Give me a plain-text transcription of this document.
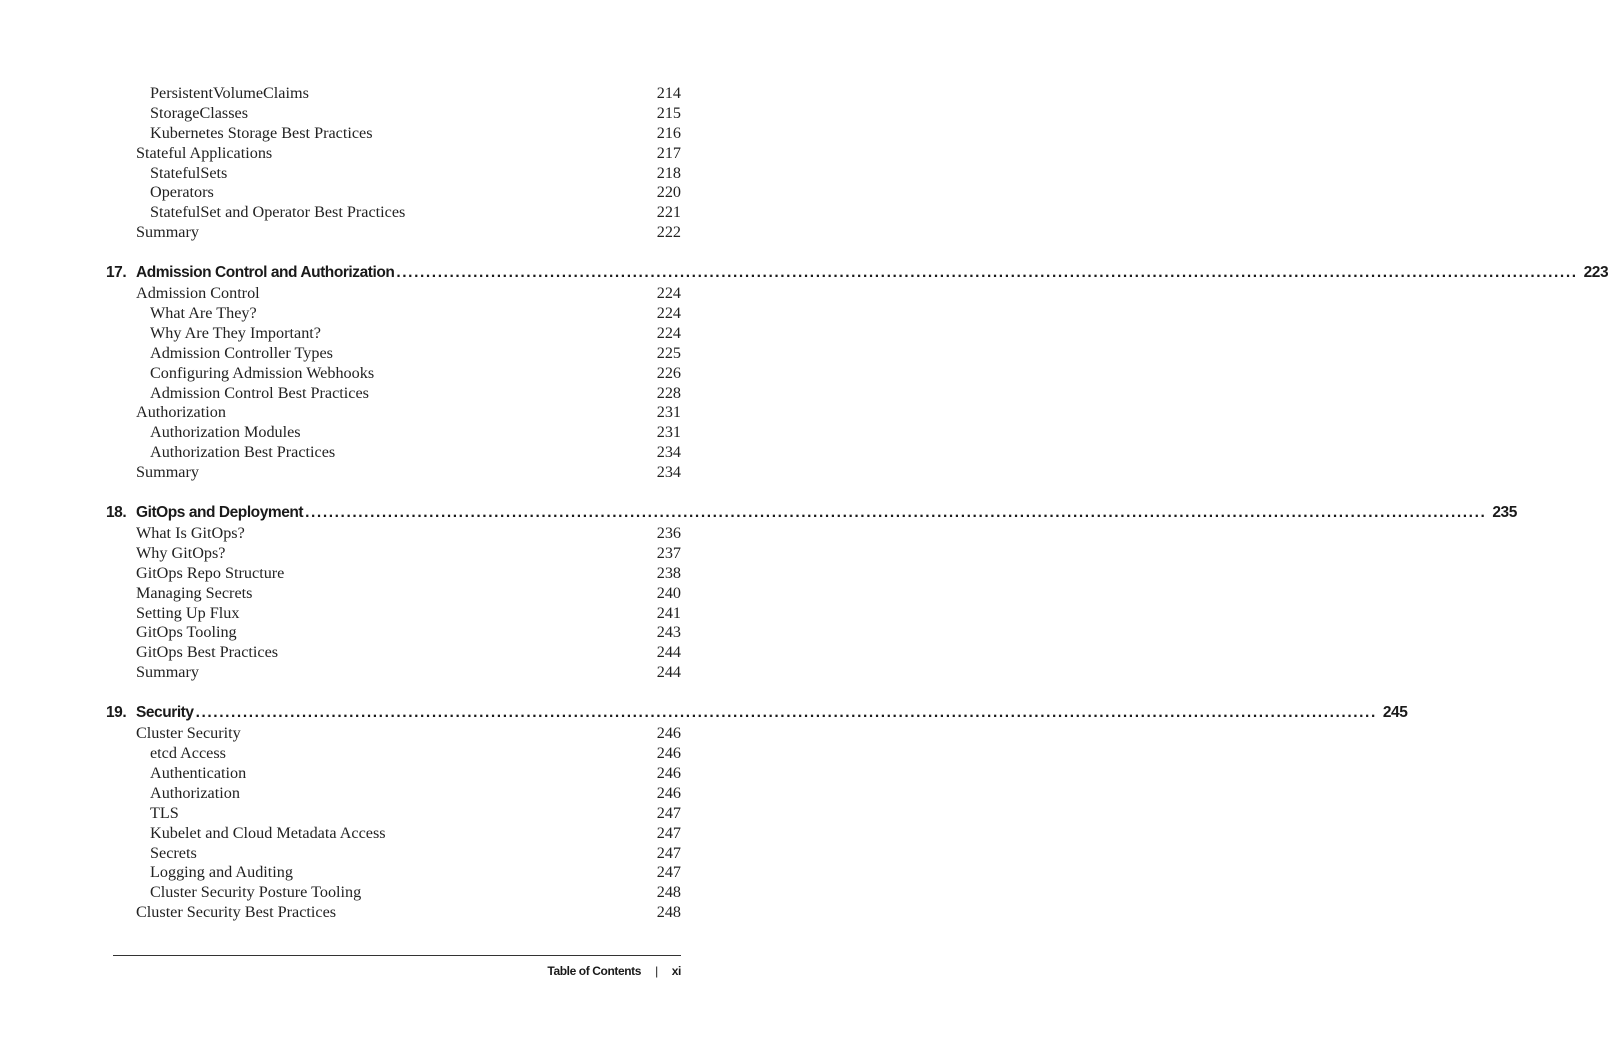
PersistentVolumeClaims	214
StorageClasses	215
Kubernetes Storage Best Practices	216
Stateful Applications	217
StatefulSets	218
Operators	220
StatefulSet and Operator Best Practices	221
Summary	222
17. Admission Control and Authorization ........................................................................................................................................................................................................ 223
Admission Control	224
What Are They?	224
Why Are They Important?	224
Admission Controller Types	225
Configuring Admission Webhooks	226
Admission Control Best Practices	228
Authorization	231
Authorization Modules	231
Authorization Best Practices	234
Summary	234
18. GitOps and Deployment ........................................................................................................................................................................................................ 235
What Is GitOps?	236
Why GitOps?	237
GitOps Repo Structure	238
Managing Secrets	240
Setting Up Flux	241
GitOps Tooling	243
GitOps Best Practices	244
Summary	244
19. Security ........................................................................................................................................................................................................ 245
Cluster Security	246
etcd Access	246
Authentication	246
Authorization	246
TLS	247
Kubelet and Cloud Metadata Access	247
Secrets	247
Logging and Auditing	247
Cluster Security Posture Tooling	248
Cluster Security Best Practices	248
Table of Contents | xi
